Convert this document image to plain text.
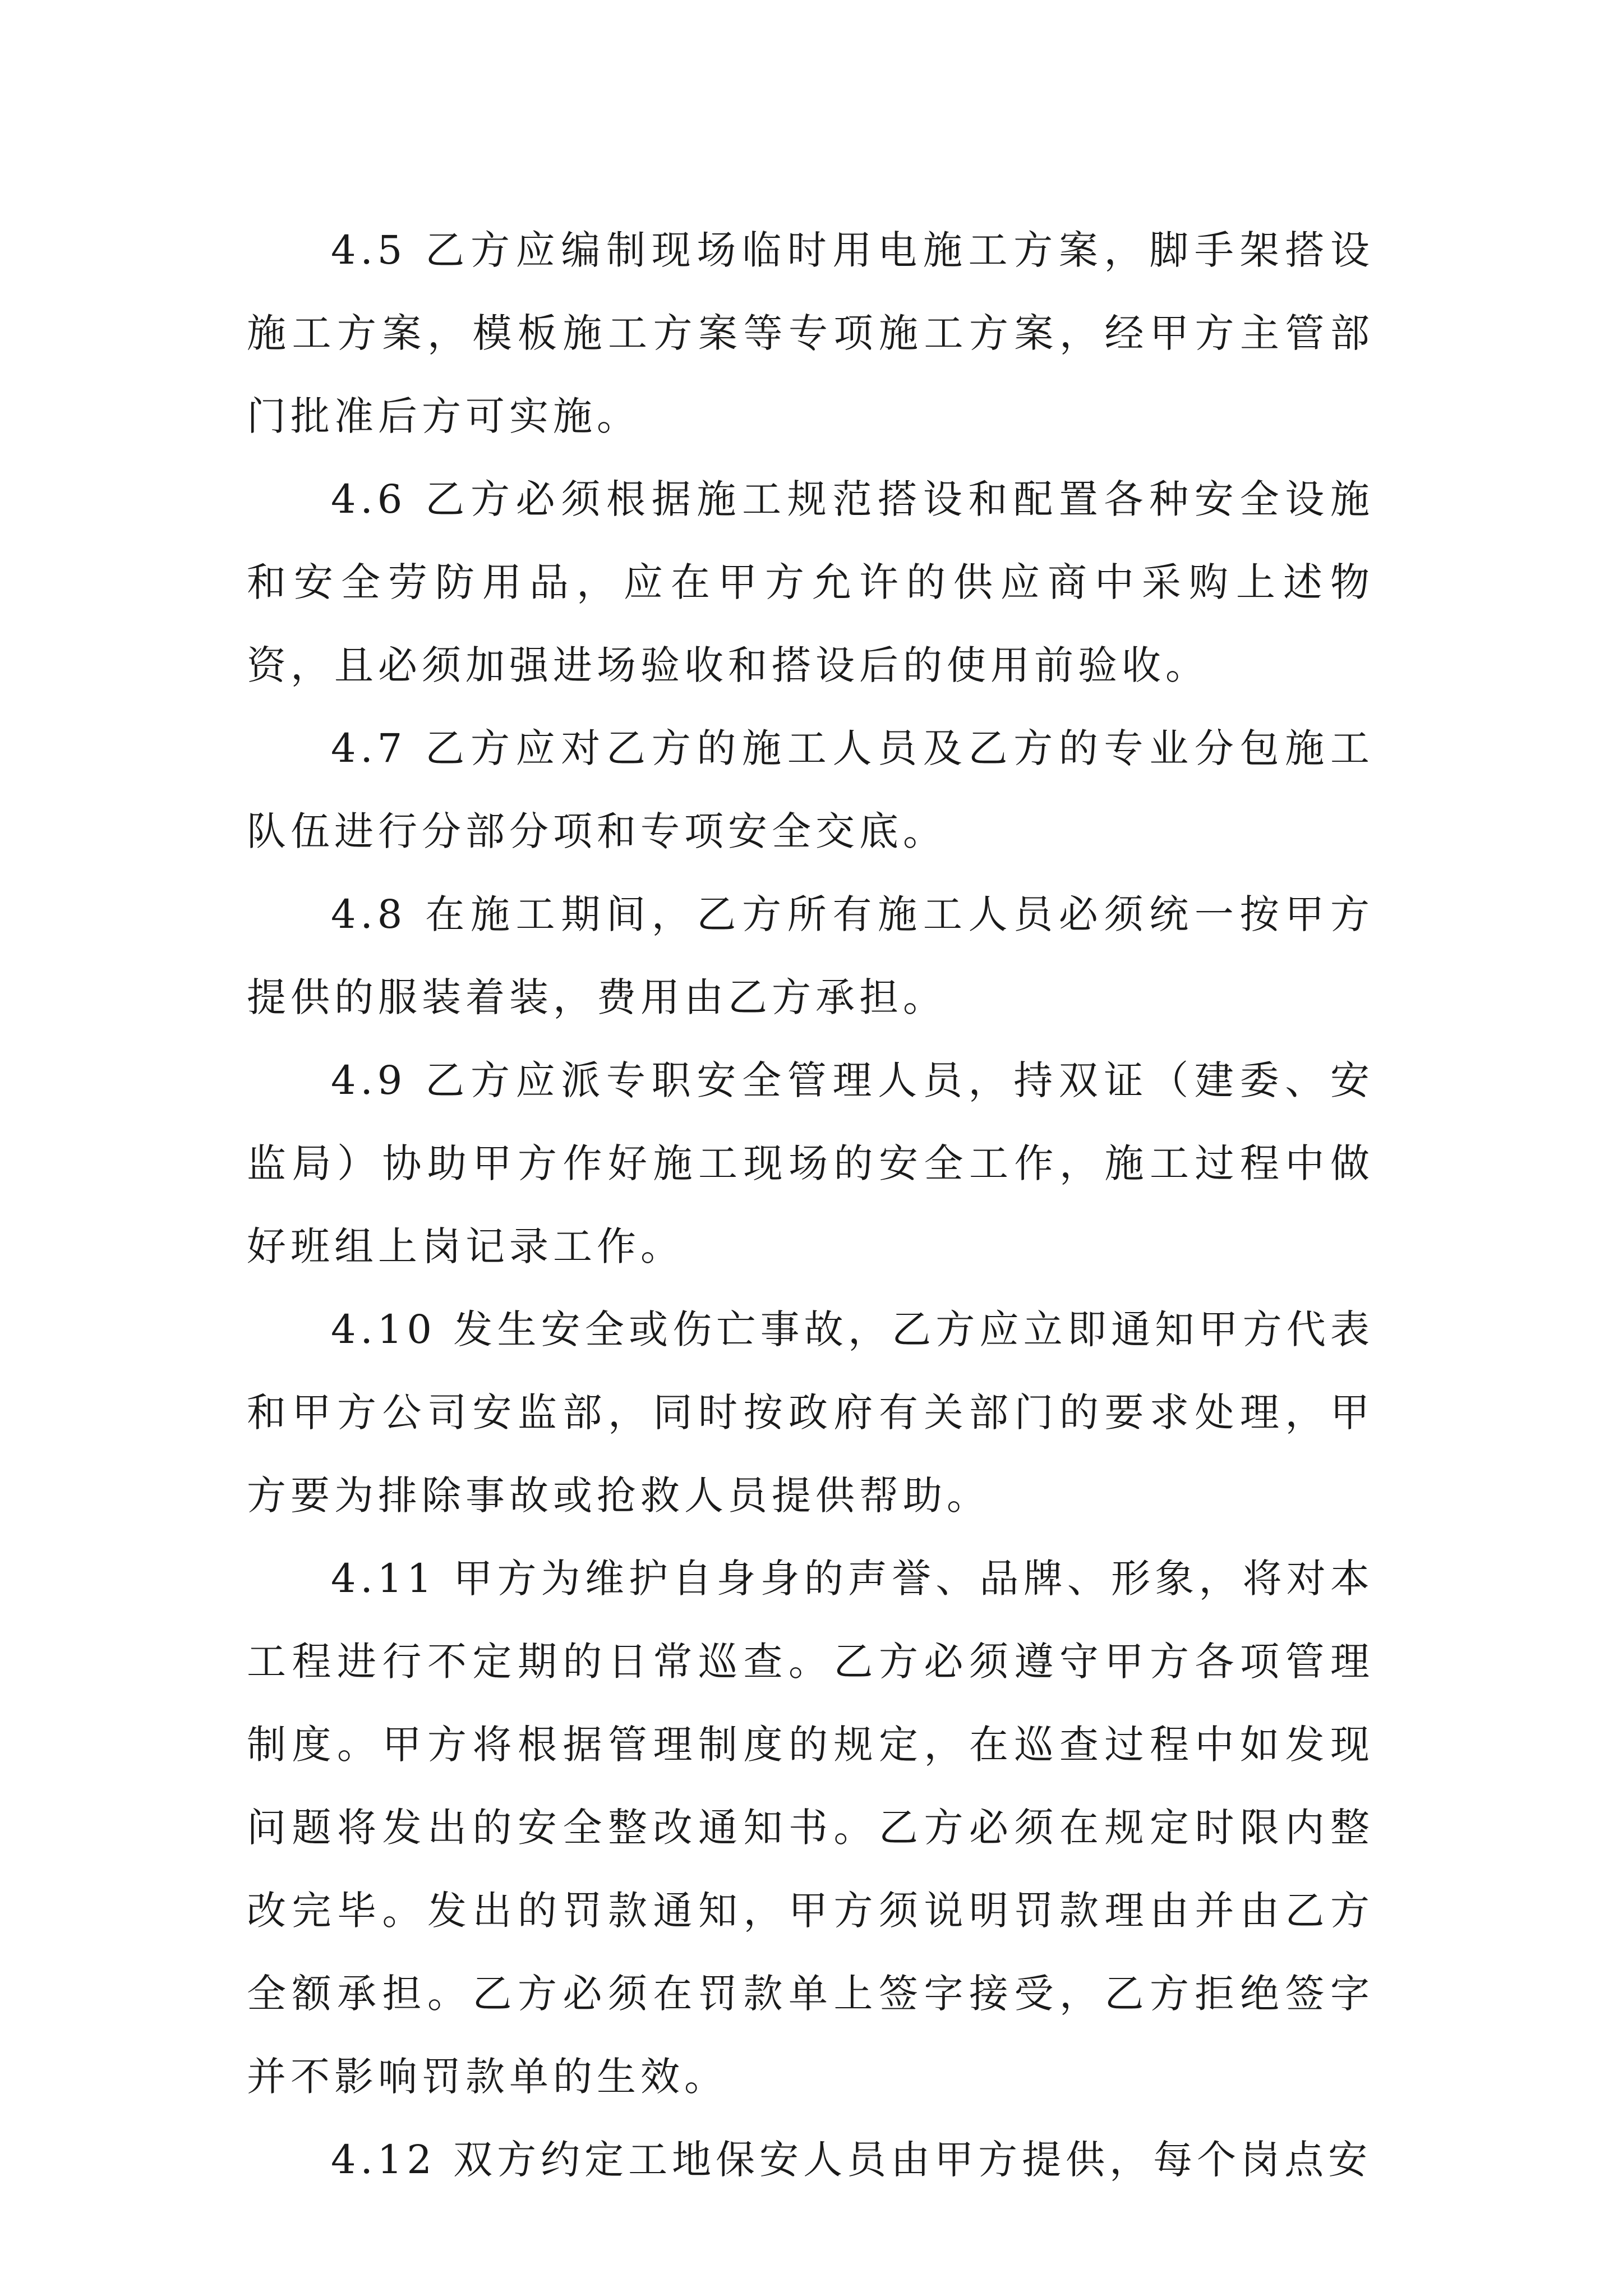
4.5 乙方应编制现场临时用电施工方案，脚手架搭设施工方案，模板施工方案等专项施工方案，经甲方主管部门批准后方可实施。

4.6 乙方必须根据施工规范搭设和配置各种安全设施和安全劳防用品，应在甲方允许的供应商中采购上述物资，且必须加强进场验收和搭设后的使用前验收。

4.7 乙方应对乙方的施工人员及乙方的专业分包施工队伍进行分部分项和专项安全交底。

4.8 在施工期间，乙方所有施工人员必须统一按甲方提供的服装着装，费用由乙方承担。

4.9 乙方应派专职安全管理人员，持双证（建委、安监局）协助甲方作好施工现场的安全工作，施工过程中做好班组上岗记录工作。

4.10 发生安全或伤亡事故，乙方应立即通知甲方代表和甲方公司安监部，同时按政府有关部门的要求处理，甲方要为排除事故或抢救人员提供帮助。

4.11 甲方为维护自身身的声誉、品牌、形象，将对本工程进行不定期的日常巡查。乙方必须遵守甲方各项管理制度。甲方将根据管理制度的规定，在巡查过程中如发现问题将发出的安全整改通知书。乙方必须在规定时限内整改完毕。发出的罚款通知，甲方须说明罚款理由并由乙方全额承担。乙方必须在罚款单上签字接受，乙方拒绝签字并不影响罚款单的生效。

4.12 双方约定工地保安人员由甲方提供，每个岗点安
